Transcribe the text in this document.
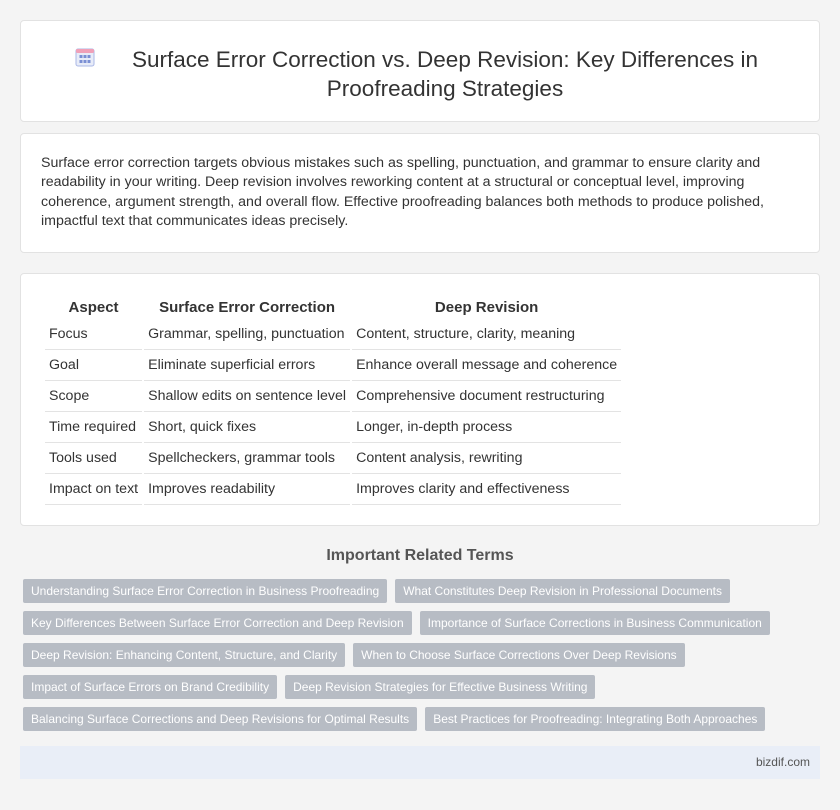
Surface Error Correction vs. Deep Revision: Key Differences in Proofreading Strategies

Surface error correction targets obvious mistakes such as spelling, punctuation, and grammar to ensure clarity and readability in your writing. Deep revision involves reworking content at a structural or conceptual level, improving coherence, argument strength, and overall flow. Effective proofreading balances both methods to produce polished, impactful text that communicates ideas precisely.

Aspect	Surface Error Correction	Deep Revision
Focus	Grammar, spelling, punctuation	Content, structure, clarity, meaning
Goal	Eliminate superficial errors	Enhance overall message and coherence
Scope	Shallow edits on sentence level	Comprehensive document restructuring
Time required	Short, quick fixes	Longer, in-depth process
Tools used	Spellcheckers, grammar tools	Content analysis, rewriting
Impact on text	Improves readability	Improves clarity and effectiveness
Important Related Terms
Understanding Surface Error Correction in Business Proofreading	What Constitutes Deep Revision in Professional Documents
Key Differences Between Surface Error Correction and Deep Revision	Importance of Surface Corrections in Business Communication
Deep Revision: Enhancing Content, Structure, and Clarity	When to Choose Surface Corrections Over Deep Revisions
Impact of Surface Errors on Brand Credibility	Deep Revision Strategies for Effective Business Writing
Balancing Surface Corrections and Deep Revisions for Optimal Results	Best Practices for Proofreading: Integrating Both Approaches
bizdif.com
